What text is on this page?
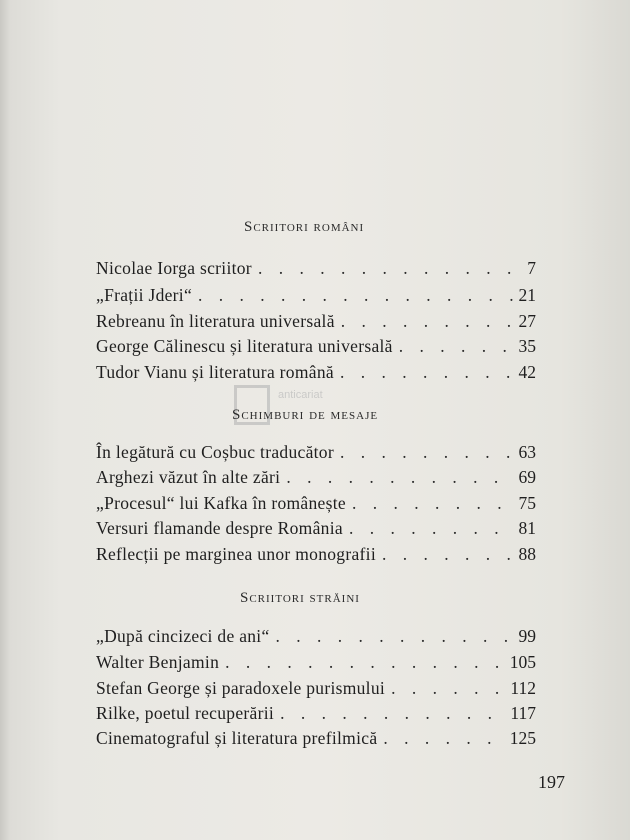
Scriitori români
Nicolae Iorga scriitor . . .	7
„Frații Jderi“ . . .	21
Rebreanu în literatura universală . . .	27
George Călinescu și literatura universală . . .	35
Tudor Vianu și literatura română . . .	42
anticariat
Schimburi de mesaje
În legătură cu Coșbuc traducător . . .	63
Arghezi văzut în alte zări . . .	69
„Procesul“ lui Kafka în românește . . .	75
Versuri flamande despre România . . .	81
Reflecții pe marginea unor monografii . . .	88
Scriitori străini
„După cincizeci de ani“ . . .	99
Walter Benjamin . . .	105
Stefan George și paradoxele purismului . . .	112
Rilke, poetul recuperării . . .	117
Cinematograful și literatura prefilmică . . .	125
197
